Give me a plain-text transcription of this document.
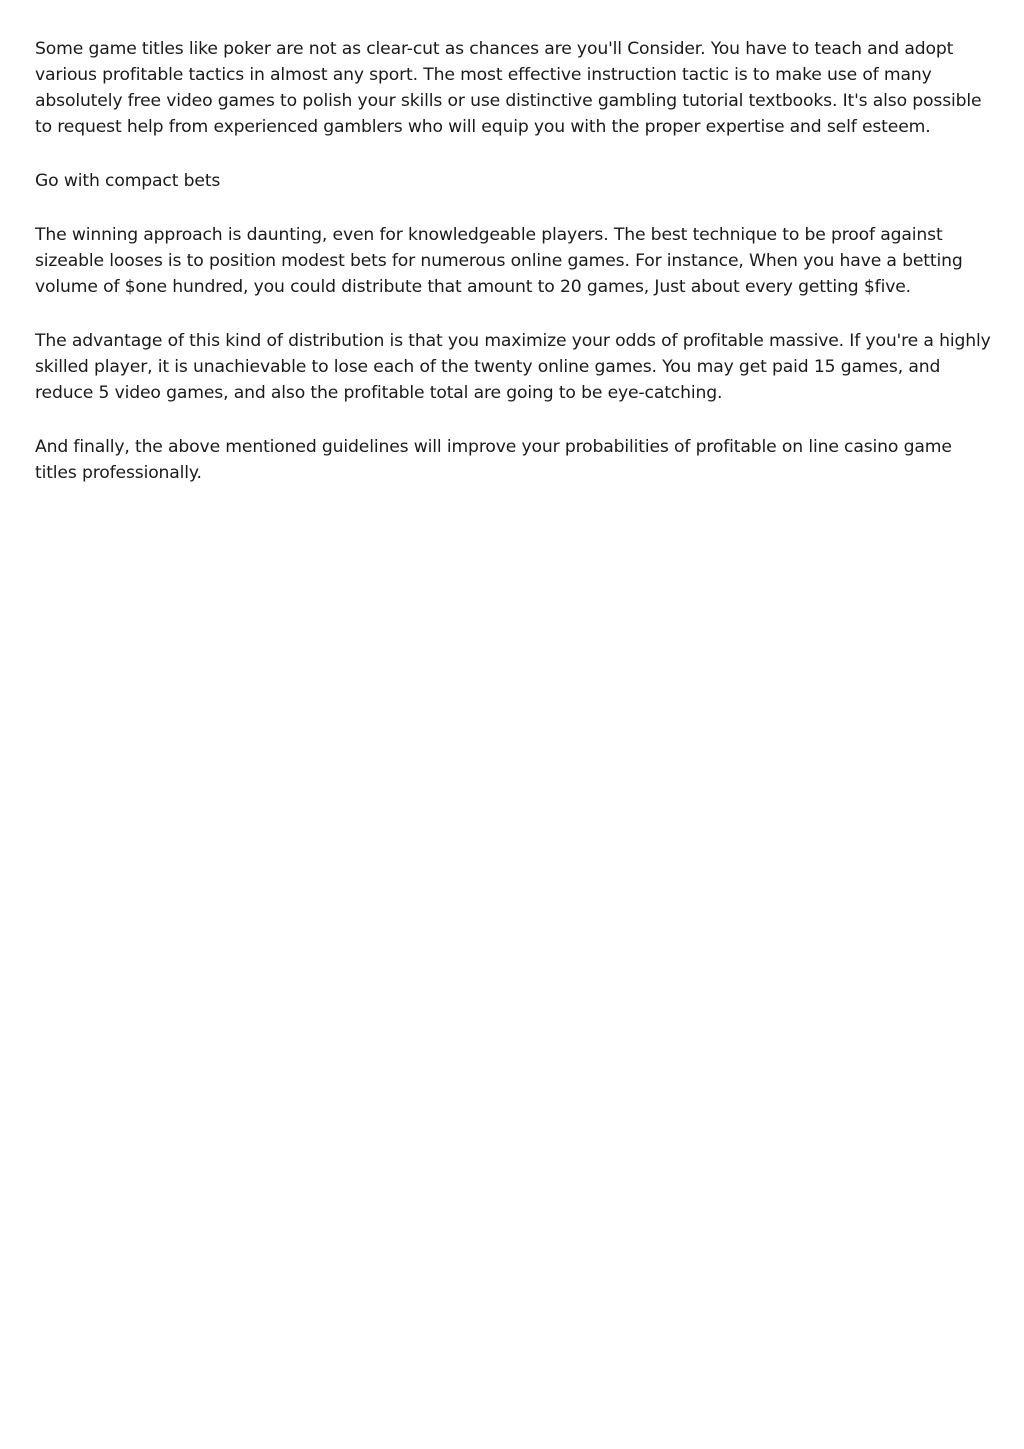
Some game titles like poker are not as clear-cut as chances are you'll Consider. You have to teach and adopt various profitable tactics in almost any sport. The most effective instruction tactic is to make use of many absolutely free video games to polish your skills or use distinctive gambling tutorial textbooks. It's also possible to request help from experienced gamblers who will equip you with the proper expertise and self esteem.

Go with compact bets

The winning approach is daunting, even for knowledgeable players. The best technique to be proof against sizeable looses is to position modest bets for numerous online games. For instance, When you have a betting volume of $one hundred, you could distribute that amount to 20 games, Just about every getting $five.

The advantage of this kind of distribution is that you maximize your odds of profitable massive. If you're a highly skilled player, it is unachievable to lose each of the twenty online games. You may get paid 15 games, and reduce 5 video games, and also the profitable total are going to be eye-catching.

And finally, the above mentioned guidelines will improve your probabilities of profitable on line casino game titles professionally.
